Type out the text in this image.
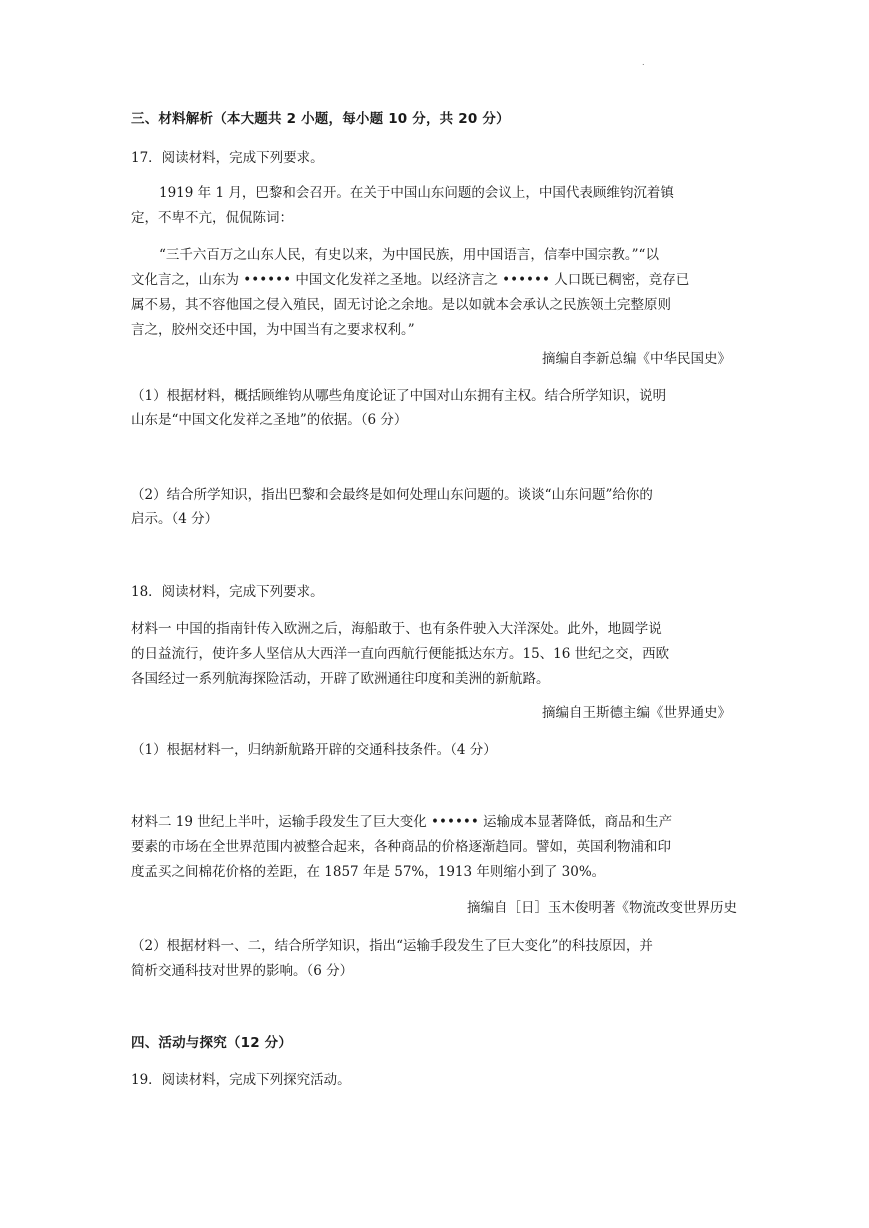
.
三、材料解析（本大题共 2 小题，每小题 10 分，共 20 分）
17．阅读材料，完成下列要求。
1919 年 1 月，巴黎和会召开。在关于中国山东问题的会议上，中国代表顾维钧沉着镇
定，不卑不亢，侃侃陈词：
“三千六百万之山东人民，有史以来，为中国民族，用中国语言，信奉中国宗教。”“以
文化言之，山东为 •••••• 中国文化发祥之圣地。以经济言之 •••••• 人口既已稠密，竞存已
属不易，其不容他国之侵入殖民，固无讨论之余地。是以如就本会承认之民族领土完整原则
言之，胶州交还中国，为中国当有之要求权利。”
摘编自李新总编《中华民国史》
（1）根据材料，概括顾维钧从哪些角度论证了中国对山东拥有主权。结合所学知识，说明
山东是“中国文化发祥之圣地”的依据。（6 分）
（2）结合所学知识，指出巴黎和会最终是如何处理山东问题的。谈谈“山东问题”给你的
启示。（4 分）
18．阅读材料，完成下列要求。
材料一 中国的指南针传入欧洲之后，海船敢于、也有条件驶入大洋深处。此外，地圆学说
的日益流行，使许多人坚信从大西洋一直向西航行便能抵达东方。15、16 世纪之交，西欧
各国经过一系列航海探险活动，开辟了欧洲通往印度和美洲的新航路。
摘编自王斯德主编《世界通史》
（1）根据材料一，归纳新航路开辟的交通科技条件。（4 分）
材料二 19 世纪上半叶，运输手段发生了巨大变化 •••••• 运输成本显著降低，商品和生产
要素的市场在全世界范围内被整合起来，各种商品的价格逐渐趋同。譬如，英国利物浦和印
度孟买之间棉花价格的差距，在 1857 年是 57%，1913 年则缩小到了 30%。
摘编自［日］玉木俊明著《物流改变世界历史
（2）根据材料一、二，结合所学知识，指出“运输手段发生了巨大变化”的科技原因，并
简析交通科技对世界的影响。（6 分）
四、活动与探究（12 分）
19．阅读材料，完成下列探究活动。
